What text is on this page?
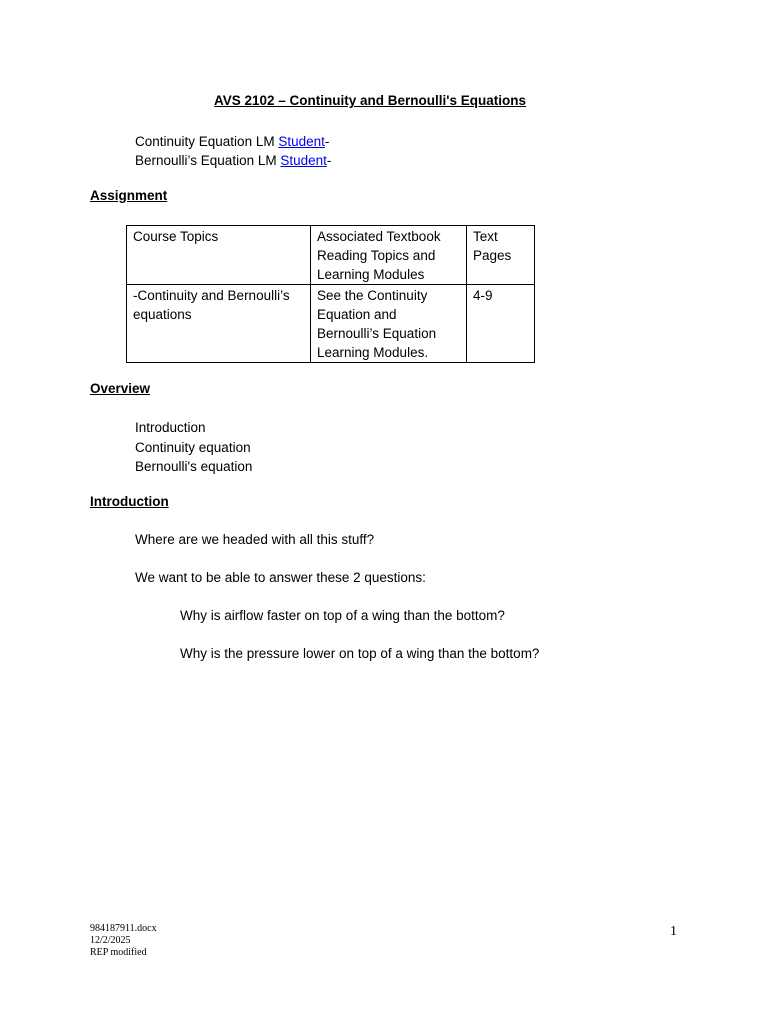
AVS 2102 – Continuity and Bernoulli's Equations
Continuity Equation LM Student-
Bernoulli’s Equation LM Student-
Assignment
Course Topics	Associated Textbook Reading Topics and Learning Modules	Text Pages
-Continuity and Bernoulli’s equations	See the Continuity Equation and Bernoulli’s Equation Learning Modules.	4-9
Overview
Introduction
Continuity equation
Bernoulli's equation
Introduction
Where are we headed with all this stuff?
We want to be able to answer these 2 questions:
Why is airflow faster on top of a wing than the bottom?
Why is the pressure lower on top of a wing than the bottom?
984187911.docx
12/2/2025
REP modified
1
